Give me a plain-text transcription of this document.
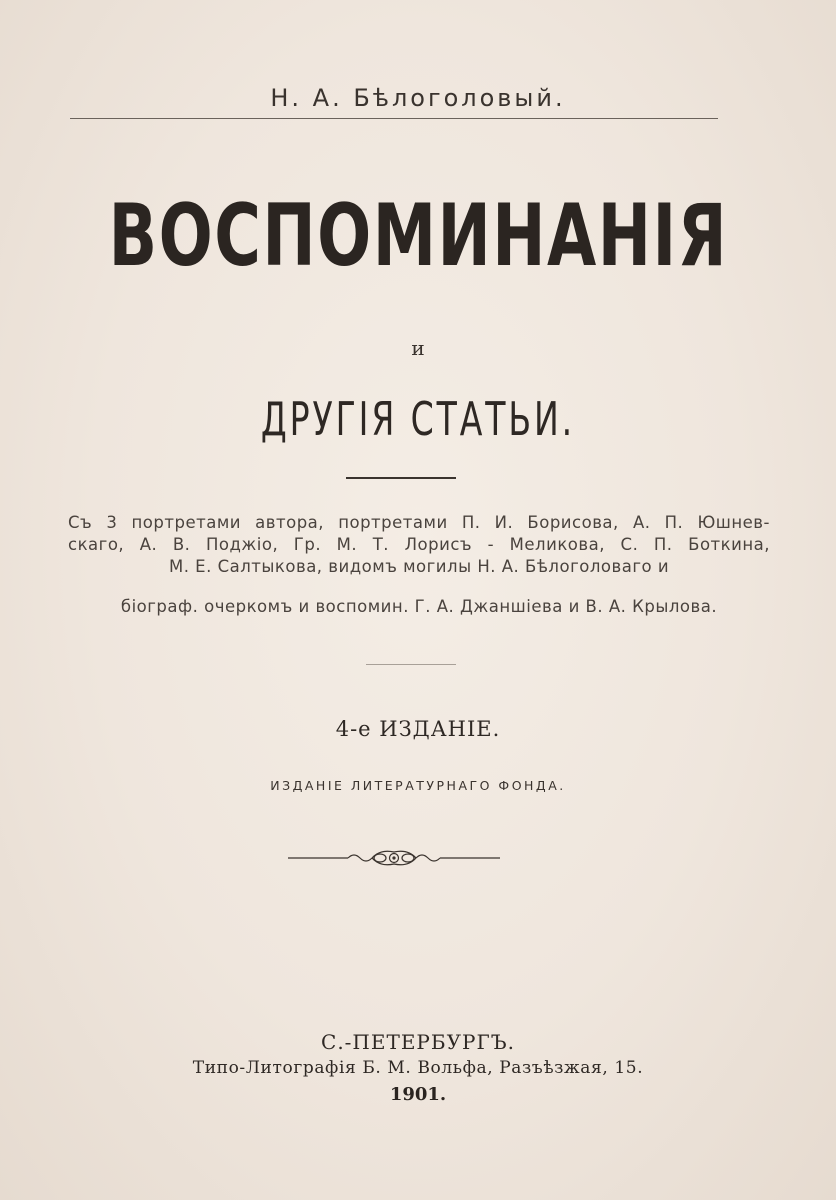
Н. А. Бѣлоголовый.
ВОСПОМИНАНІЯ
и
ДРУГІЯ СТАТЬИ.
Съ 3 портретами автора, портретами П. И. Борисова, А. П. Юшнев-
скаго, А. В. Поджіо, Гр. М. Т. Лорисъ - Меликова, С. П. Боткина,
М. Е. Салтыкова, видомъ могилы Н. А. Бѣлоголоваго и
біограф. очеркомъ и воспомин. Г. А. Джаншіева и В. А. Крылова.
4-е ИЗДАНІЕ.
ИЗДАНІЕ ЛИТЕРАТУРНАГО ФОНДА.
С.-ПЕТЕРБУРГЪ.
Типо-Литографія Б. М. Вольфа, Разъѣзжая, 15.
1901.
